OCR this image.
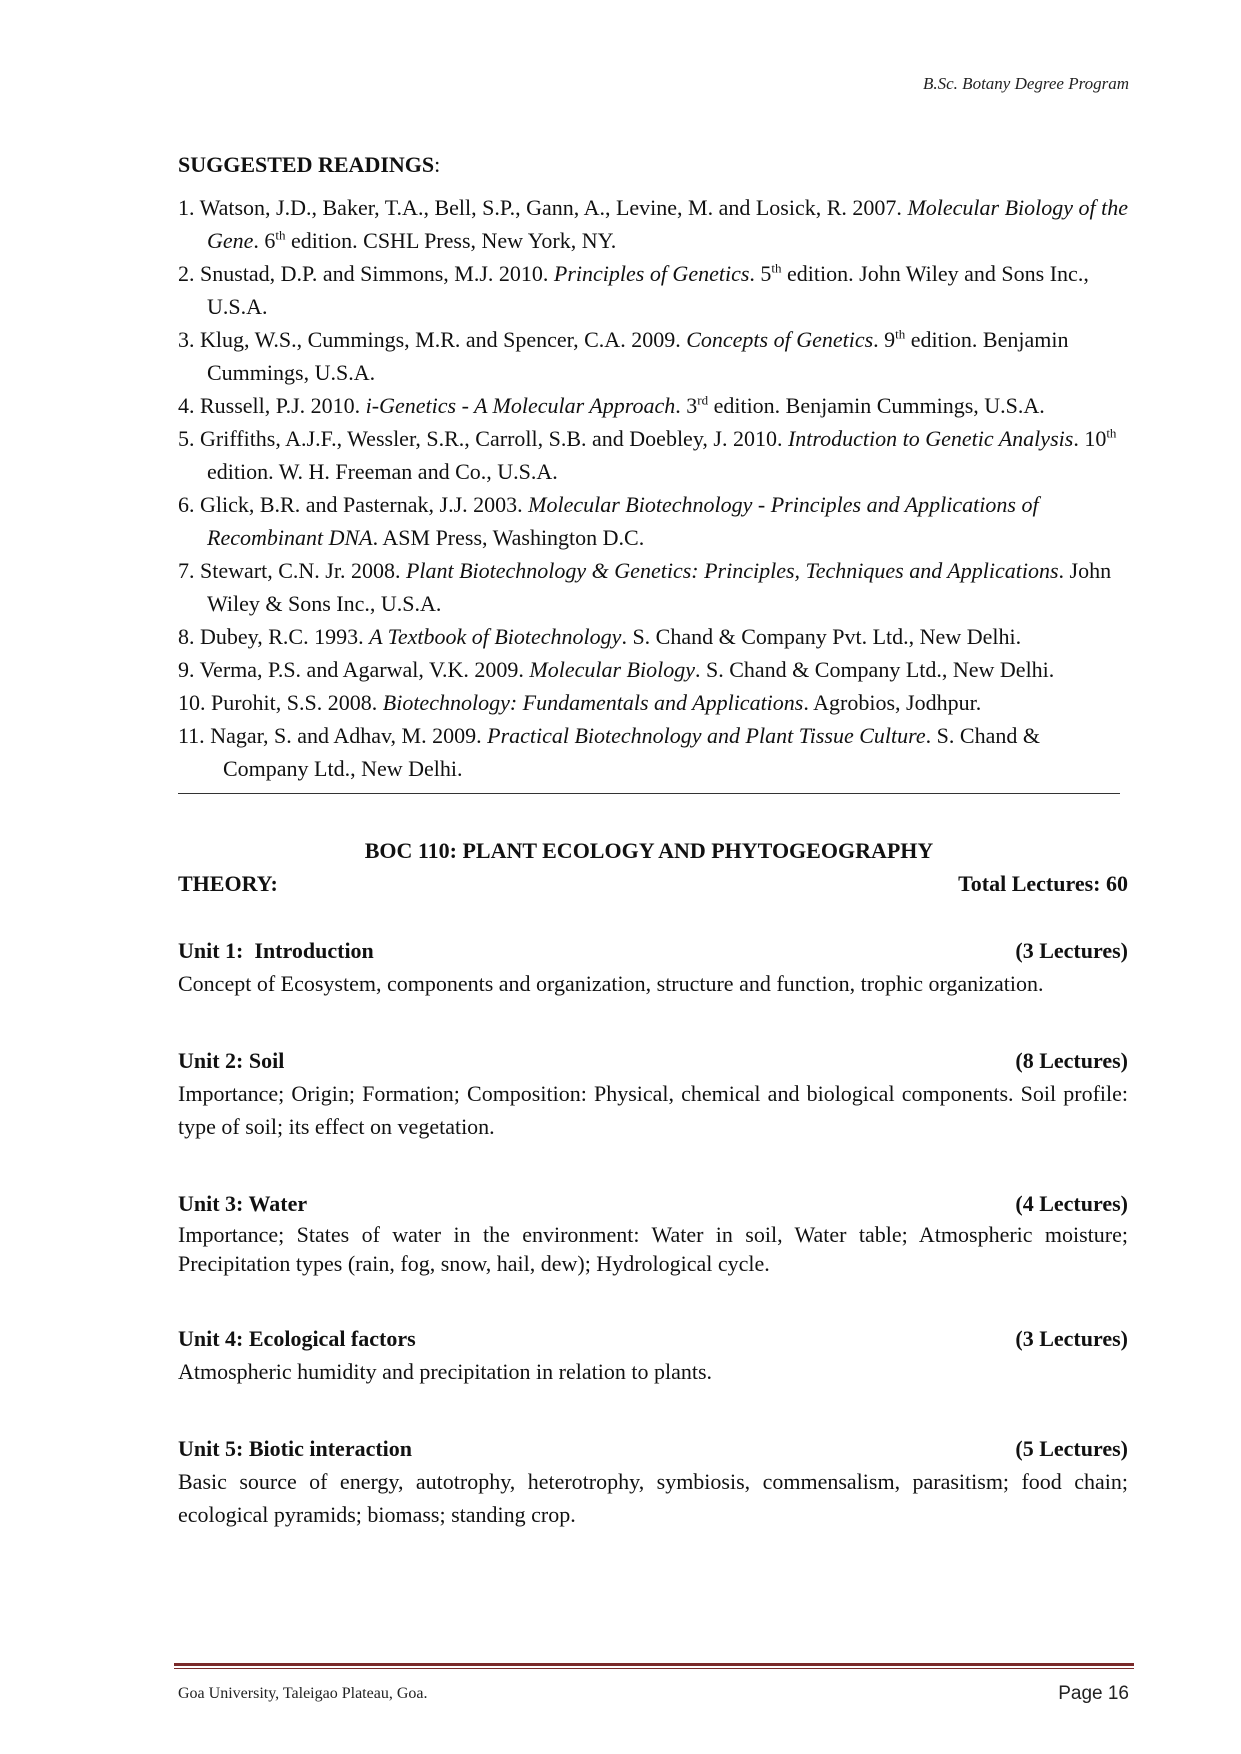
B.Sc. Botany Degree Program
SUGGESTED READINGS:

1. Watson, J.D., Baker, T.A., Bell, S.P., Gann, A., Levine, M. and Losick, R. 2007. Molecular Biology of the Gene. 6th edition. CSHL Press, New York, NY.

2. Snustad, D.P. and Simmons, M.J. 2010. Principles of Genetics. 5th edition. John Wiley and Sons Inc., U.S.A.

3. Klug, W.S., Cummings, M.R. and Spencer, C.A. 2009. Concepts of Genetics. 9th edition. Benjamin Cummings, U.S.A.

4. Russell, P.J. 2010. i-Genetics - A Molecular Approach. 3rd edition. Benjamin Cummings, U.S.A.

5. Griffiths, A.J.F., Wessler, S.R., Carroll, S.B. and Doebley, J. 2010. Introduction to Genetic Analysis. 10th edition. W. H. Freeman and Co., U.S.A.

6. Glick, B.R. and Pasternak, J.J. 2003. Molecular Biotechnology - Principles and Applications of Recombinant DNA. ASM Press, Washington D.C.

7. Stewart, C.N. Jr. 2008. Plant Biotechnology & Genetics: Principles, Techniques and Applications. John Wiley & Sons Inc., U.S.A.

8. Dubey, R.C. 1993. A Textbook of Biotechnology. S. Chand & Company Pvt. Ltd., New Delhi.

9. Verma, P.S. and Agarwal, V.K. 2009. Molecular Biology. S. Chand & Company Ltd., New Delhi.

10. Purohit, S.S. 2008. Biotechnology: Fundamentals and Applications. Agrobios, Jodhpur.

11. Nagar, S. and Adhav, M. 2009. Practical Biotechnology and Plant Tissue Culture. S. Chand & Company Ltd., New Delhi.

BOC 110: PLANT ECOLOGY AND PHYTOGEOGRAPHY
THEORY:	Total Lectures: 60
Unit 1:  Introduction	(3 Lectures)

Concept of Ecosystem, components and organization, structure and function, trophic organization.

Unit 2: Soil	(8 Lectures)

Importance; Origin; Formation; Composition: Physical, chemical and biological components. Soil profile: type of soil; its effect on vegetation.

Unit 3: Water	(4 Lectures)

Importance; States of water in the environment: Water in soil, Water table; Atmospheric moisture; Precipitation types (rain, fog, snow, hail, dew); Hydrological cycle.

Unit 4: Ecological factors	(3 Lectures)

Atmospheric humidity and precipitation in relation to plants.

Unit 5: Biotic interaction	(5 Lectures)

Basic source of energy, autotrophy, heterotrophy, symbiosis, commensalism, parasitism; food chain; ecological pyramids; biomass; standing crop.

Goa University, Taleigao Plateau, Goa.	Page 16
